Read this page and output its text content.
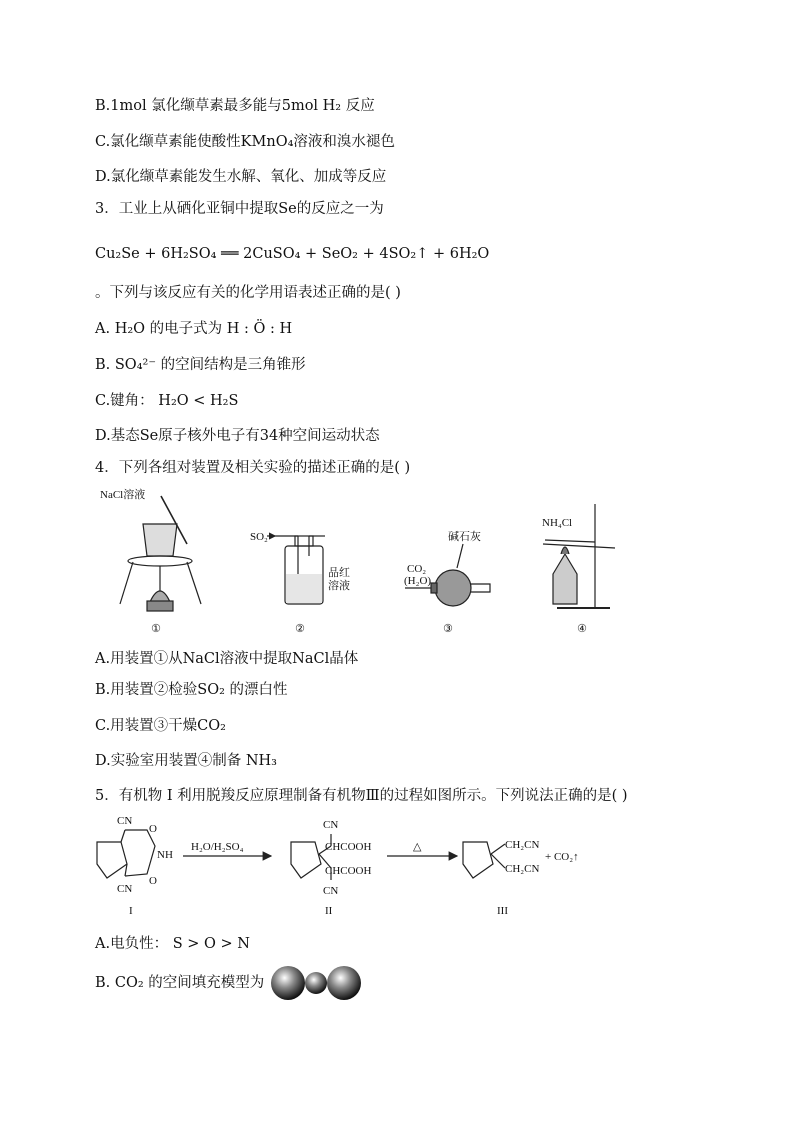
B.1mol 氯化缬草素最多能与5mol H₂ 反应
C.氯化缬草素能使酸性KMnO₄溶液和溴水褪色
D.氯化缬草素能发生水解、氧化、加成等反应
3．工业上从硒化亚铜中提取Se的反应之一为
Cu₂Se + 6H₂SO₄ ══ 2CuSO₄ + SeO₂ + 4SO₂↑ + 6H₂O
。下列与该反应有关的化学用语表述正确的是( )
A. H₂O 的电子式为 H : Ö : H
B. SO₄²⁻ 的空间结构是三角锥形
C.键角： H₂O < H₂S
D.基态Se原子核外电子有34种空间运动状态
4．下列各组对装置及相关实验的描述正确的是( )
NaCl溶液
①
SO₂
品红
溶液
②
碱石灰
CO₂
(H₂O)
③
NH₄Cl
④
A.用装置①从NaCl溶液中提取NaCl晶体
B.用装置②检验SO₂ 的漂白性
C.用装置③干燥CO₂
D.实验室用装置④制备 NH₃
5．有机物 I 利用脱羧反应原理制备有机物Ⅲ的过程如图所示。下列说法正确的是( )
CN
O
NH
O
CN
H₂O/H₂SO₄
CN
CHCOOH
CHCOOH
CN
△	CH₂CN
CH₂CN
+ CO₂↑
I	II	III
A.电负性： S > O > N
B. CO₂ 的空间填充模型为
